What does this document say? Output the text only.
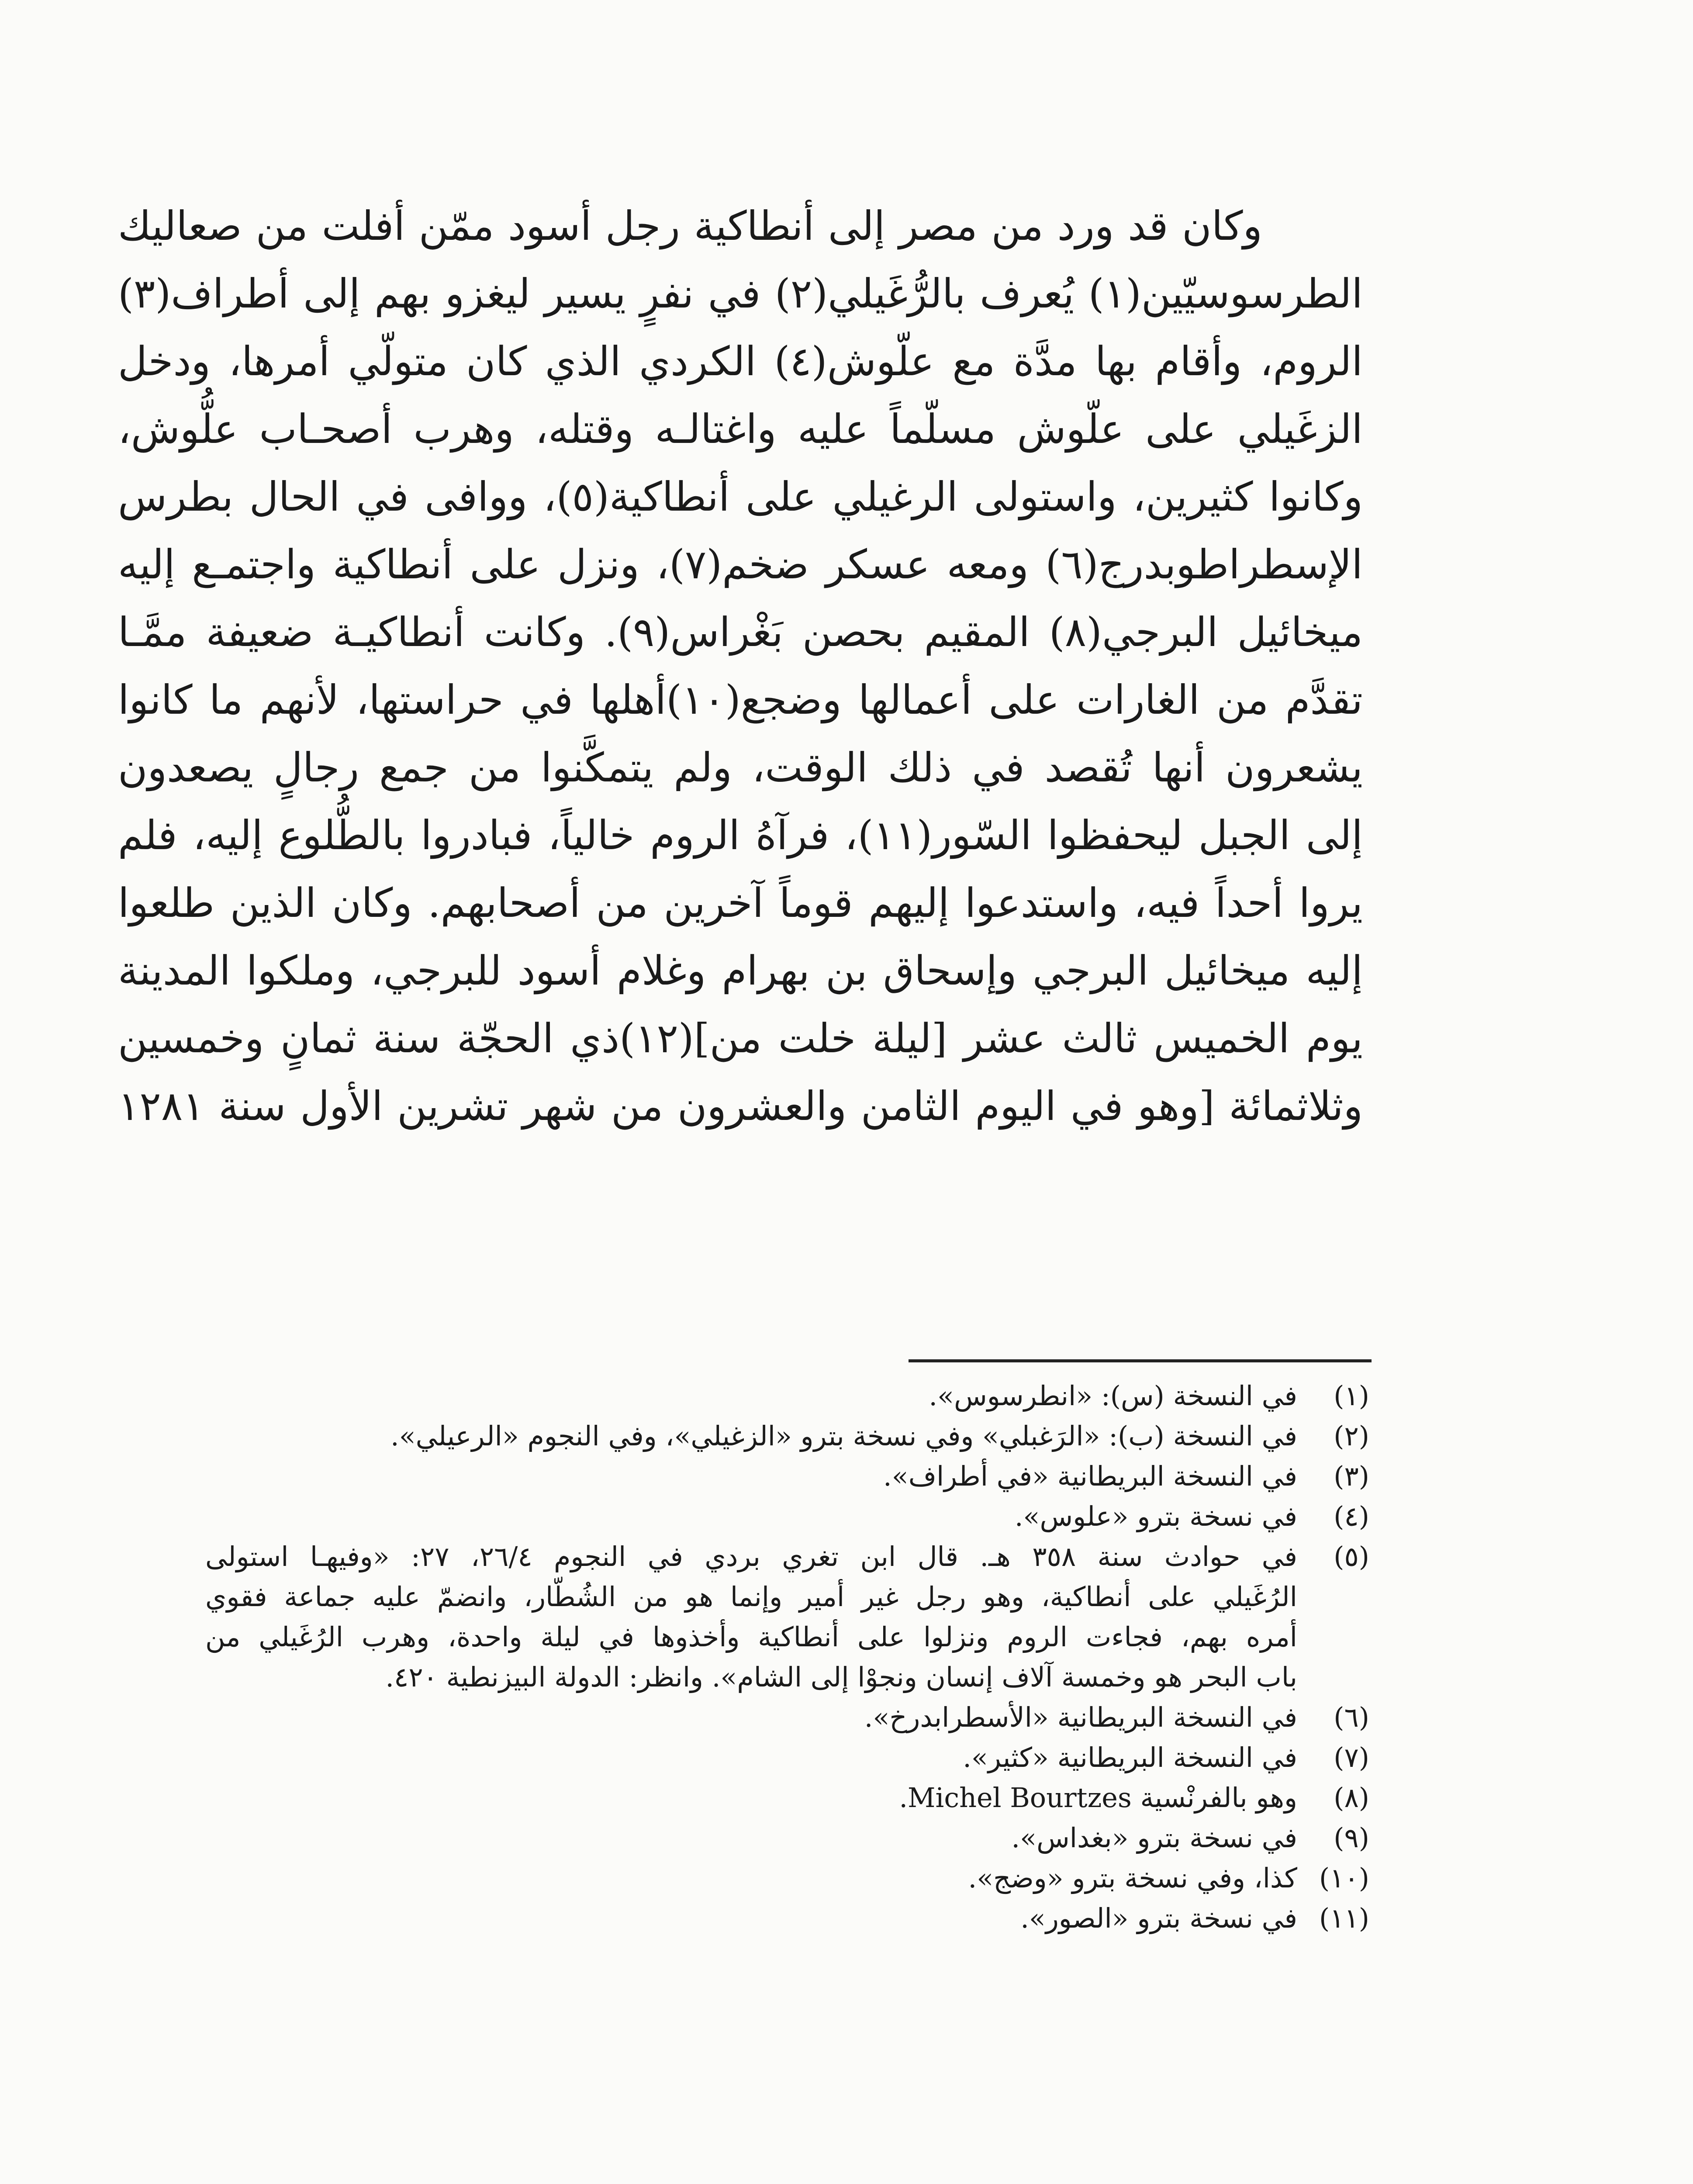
وكان قد ورد من مصر إلى أنطاكية رجل أسود ممّن أفلت من صعاليك
الطرسوسيّين(١) يُعرف بالرُّغَيلي(٢) في نفرٍ يسير ليغزو بهم إلى أطراف(٣)
الروم، وأقام بها مدَّة مع علّوش(٤) الكردي الذي كان متولّي أمرها، ودخل
الزغَيلي على علّوش مسلّماً عليه واغتالـه وقتله، وهرب أصحـاب علُّوش،
وكانوا كثيرين، واستولى الرغيلي على أنطاكية(٥)، ووافى في الحال بطرس
الإسطراطوبدرج(٦) ومعه عسكر ضخم(٧)، ونزل على أنطاكية واجتمـع إليه
ميخائيل البرجي(٨) المقيم بحصن بَغْراس(٩). وكانت أنطاكيـة ضعيفة ممَّـا
تقدَّم من الغارات على أعمالها وضجع(١٠)أهلها في حراستها، لأنهم ما كانوا
يشعرون أنها تُقصد في ذلك الوقت، ولم يتمكَّنوا من جمع رجالٍ يصعدون
إلى الجبل ليحفظوا السّور(١١)، فرآهُ الروم خالياً، فبادروا بالطُّلوع إليه، فلم
يروا أحداً فيه، واستدعوا إليهم قوماً آخرين من أصحابهم. وكان الذين طلعوا
إليه ميخائيل البرجي وإسحاق بن بهرام وغلام أسود للبرجي، وملكوا المدينة
يوم الخميس ثالث عشر [ليلة خلت من](١٢)ذي الحجّة سنة ثمانٍ وخمسين
وثلاثمائة [وهو في اليوم الثامن والعشرون من شهر تشرين الأول سنة ١٢٨١
(١)
في النسخة (س): «انطرسوس».
(٢)
في النسخة (ب): «الرَغبلي» وفي نسخة بترو «الزغيلي»، وفي النجوم «الرعيلي».
(٣)
في النسخة البريطانية «في أطراف».
(٤)
في نسخة بترو «علوس».
(٥)
في حوادث سنة ٣٥٨ هـ. قال ابن تغري بردي في النجوم ٢٦/٤، ٢٧: «وفيهـا استولى
الرُغَيلي على أنطاكية، وهو رجل غير أمير وإنما هو من الشُطّار، وانضمّ عليه جماعة فقوي
أمره بهم، فجاءت الروم ونزلوا على أنطاكية وأخذوها في ليلة واحدة، وهرب الرُغَيلي من
باب البحر هو وخمسة آلاف إنسان ونجوْا إلى الشام». وانظر: الدولة البيزنطية ٤٢٠.
(٦)
في النسخة البريطانية «الأسطرابدرخ».
(٧)
في النسخة البريطانية «كثير».
(٨)
وهو بالفرنْسية Michel Bourtzes.
(٩)
في نسخة بترو «بغداس».
(١٠)
كذا، وفي نسخة بترو «وضج».
(١١)
في نسخة بترو «الصور».
